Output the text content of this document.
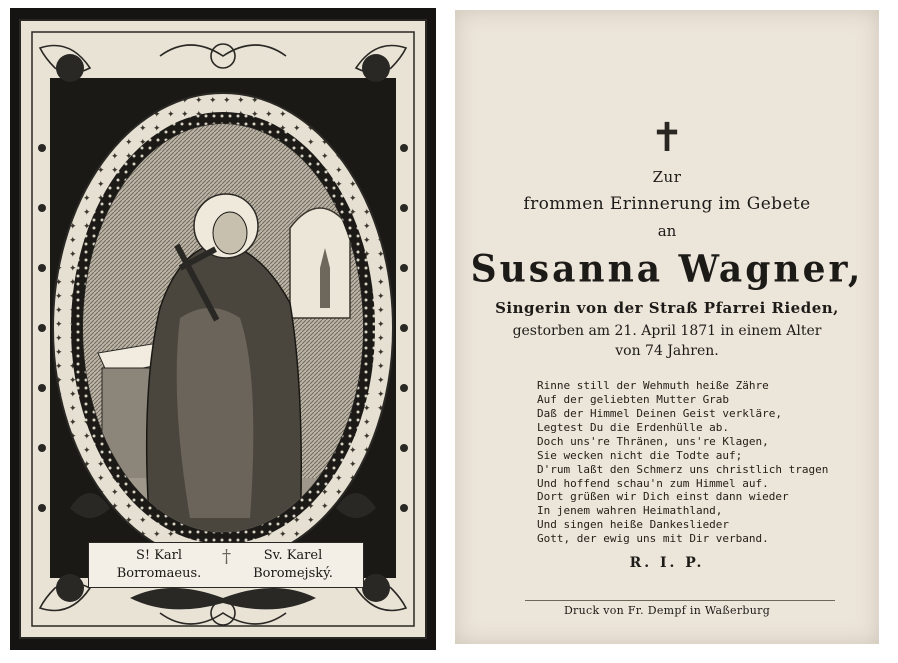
S! Karl
Borromaeus.
†	Sv. Karel
Boromejský.
✝
Zur
frommen Erinnerung im Gebete
an
Susanna Wagner,
Singerin von der Straß Pfarrei Rieden,
gestorben am 21. April 1871 in einem Alter
von 74 Jahren.
Rinne still der Wehmuth heiße Zähre
Auf der geliebten Mutter Grab
Daß der Himmel Deinen Geist verkläre,
Legtest Du die Erdenhülle ab.
Doch uns're Thränen, uns're Klagen,
Sie wecken nicht die Todte auf;
D'rum laßt den Schmerz uns christlich tragen
Und hoffend schau'n zum Himmel auf.
Dort grüßen wir Dich einst dann wieder
In jenem wahren Heimathland,
Und singen heiße Dankeslieder
Gott, der ewig uns mit Dir verband.
R. I. P.
Druck von Fr. Dempf in Waßerburg
